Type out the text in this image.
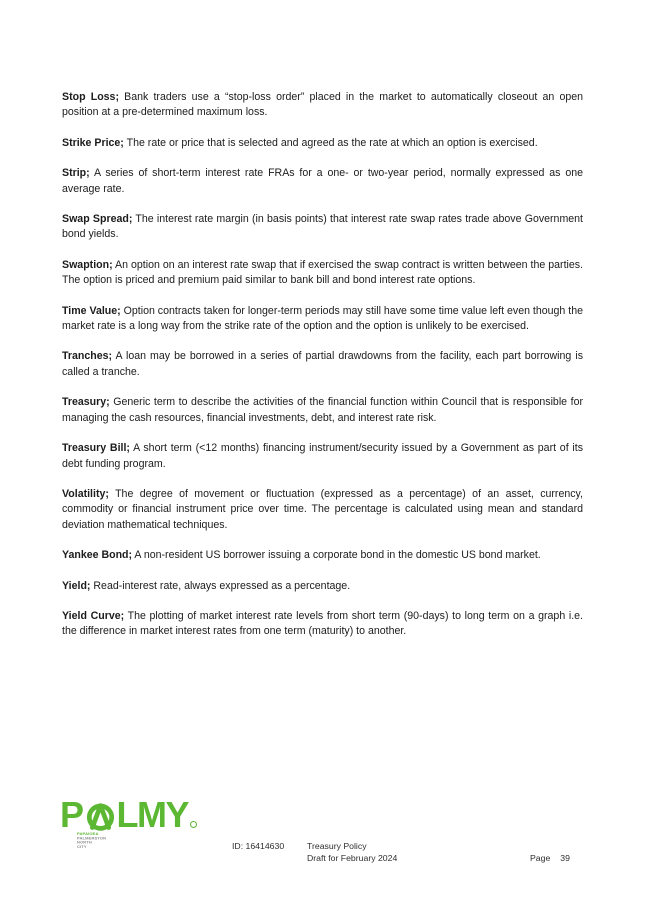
Stop Loss; Bank traders use a “stop-loss order” placed in the market to automatically closeout an open position at a pre-determined maximum loss.

Strike Price; The rate or price that is selected and agreed as the rate at which an option is exercised.

Strip; A series of short-term interest rate FRAs for a one- or two-year period, normally expressed as one average rate.

Swap Spread; The interest rate margin (in basis points) that interest rate swap rates trade above Government bond yields.

Swaption; An option on an interest rate swap that if exercised the swap contract is written between the parties. The option is priced and premium paid similar to bank bill and bond interest rate options.

Time Value; Option contracts taken for longer-term periods may still have some time value left even though the market rate is a long way from the strike rate of the option and the option is unlikely to be exercised.

Tranches; A loan may be borrowed in a series of partial drawdowns from the facility, each part borrowing is called a tranche.

Treasury; Generic term to describe the activities of the financial function within Council that is responsible for managing the cash resources, financial investments, debt, and interest rate risk.

Treasury Bill; A short term (<12 months) financing instrument/security issued by a Government as part of its debt funding program.

Volatility; The degree of movement or fluctuation (expressed as a percentage) of an asset, currency, commodity or financial instrument price over time. The percentage is calculated using mean and standard deviation mathematical techniques.

Yankee Bond; A non-resident US borrower issuing a corporate bond in the domestic US bond market.

Yield; Read-interest rate, always expressed as a percentage.

Yield Curve; The plotting of market interest rate levels from short term (90-days) to long term on a graph i.e. the difference in market interest rates from one term (maturity) to another.

P LMY
PAPAIOEA
PALMERSTON
NORTH
CITY	ID: 16414630	Treasury Policy
Draft for February 2024	Page 39
